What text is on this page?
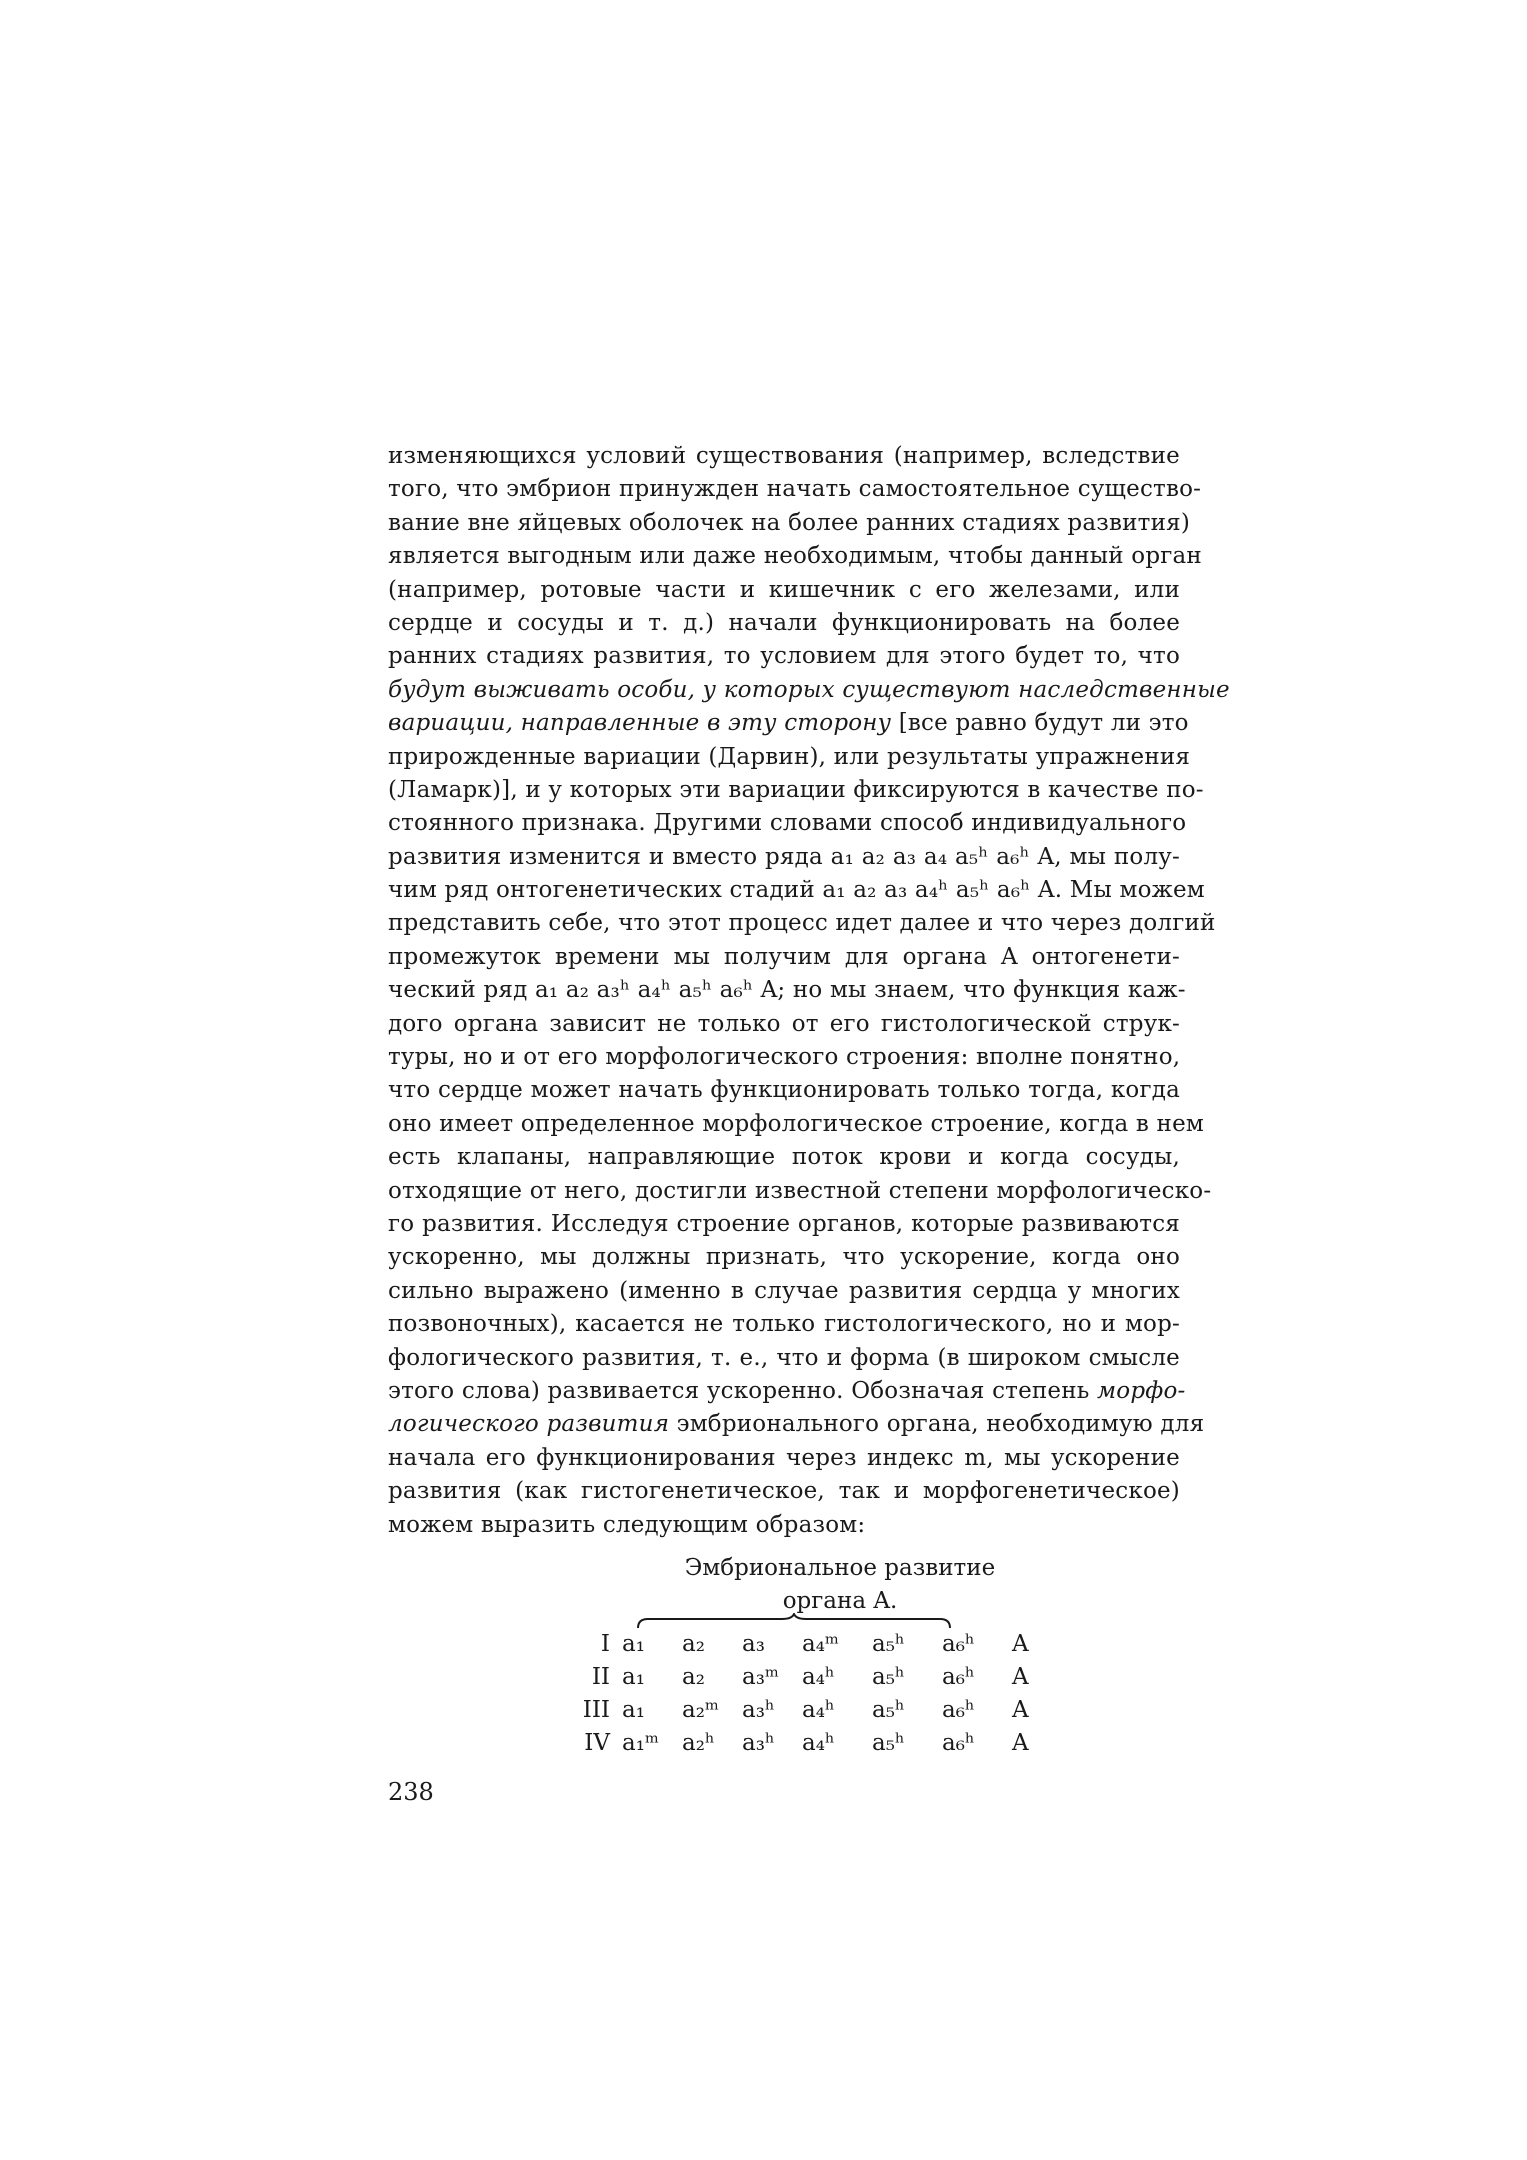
изменяющихся условий существования (например, вследствие
того, что эмбрион принужден начать самостоятельное существо-
вание вне яйцевых оболочек на более ранних стадиях развития)
является выгодным или даже необходимым, чтобы данный орган
(например, ротовые части и кишечник с его железами, или
сердце и сосуды и т. д.) начали функционировать на более
ранних стадиях развития, то условием для этого будет то, что
будут выживать особи, у которых существуют наследственные
вариации, направленные в эту сторону [все равно будут ли это
прирожденные вариации (Дарвин), или результаты упражнения
(Ламарк)], и у которых эти вариации фиксируются в качестве по-
стоянного признака. Другими словами способ индивидуального
развития изменится и вместо ряда a₁ a₂ a₃ a₄ a₅ʰ a₆ʰ A, мы полу-
чим ряд онтогенетических стадий a₁ a₂ a₃ a₄ʰ a₅ʰ a₆ʰ A. Мы можем
представить себе, что этот процесс идет далее и что через долгий
промежуток времени мы получим для органа A онтогенети-
ческий ряд a₁ a₂ a₃ʰ a₄ʰ a₅ʰ a₆ʰ A; но мы знаем, что функция каж-
дого органа зависит не только от его гистологической струк-
туры, но и от его морфологического строения: вполне понятно,
что сердце может начать функционировать только тогда, когда
оно имеет определенное морфологическое строение, когда в нем
есть клапаны, направляющие поток крови и когда сосуды,
отходящие от него, достигли известной степени морфологическо-
го развития. Исследуя строение органов, которые развиваются
ускоренно, мы должны признать, что ускорение, когда оно
сильно выражено (именно в случае развития сердца у многих
позвоночных), касается не только гистологического, но и мор-
фологического развития, т. е., что и форма (в широком смысле
этого слова) развивается ускоренно. Обозначая степень морфо-
логического развития эмбрионального органа, необходимую для
начала его функционирования через индекс m, мы ускорение
развития (как гистогенетическое, так и морфогенетическое)
можем выразить следующим образом:
Эмбриональное развитие
органа A.
I	a₁	a₂	a₃	a₄ᵐ	a₅ʰ	a₆ʰ	A
II	a₁	a₂	a₃ᵐ	a₄ʰ	a₅ʰ	a₆ʰ	A
III	a₁	a₂ᵐ	a₃ʰ	a₄ʰ	a₅ʰ	a₆ʰ	A
IV	a₁ᵐ	a₂ʰ	a₃ʰ	a₄ʰ	a₅ʰ	a₆ʰ	A
238
